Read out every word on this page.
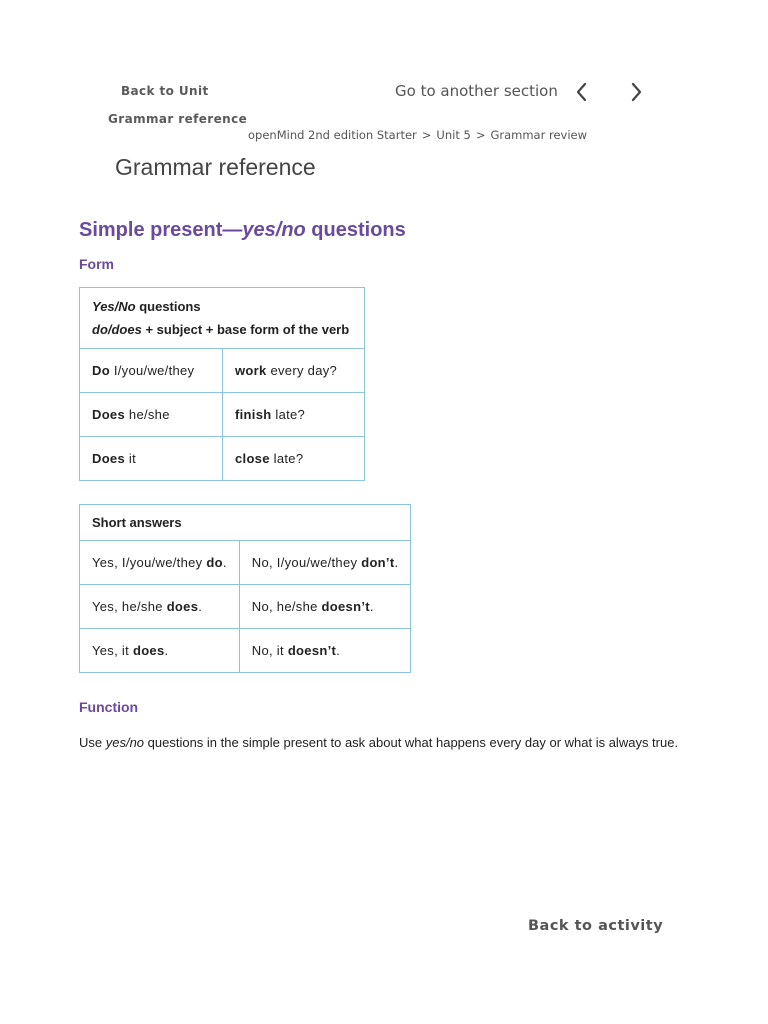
Back to Unit
Grammar reference
Go to another section
openMind 2nd edition Starter > Unit 5 > Grammar review
Grammar reference
Simple present—yes/no questions
Form
Yes/No questions
do/does + subject + base form of the verb	

Do I/you/we/they	work every day?
Does he/she	finish late?
Does it	close late?
Short answers	
Yes, I/you/we/they do.	No, I/you/we/they don’t.
Yes, he/she does.	No, he/she doesn’t.
Yes, it does.	No, it doesn’t.
Function
Use yes/no questions in the simple present to ask about what happens every day or what is always true.
Back to activity
